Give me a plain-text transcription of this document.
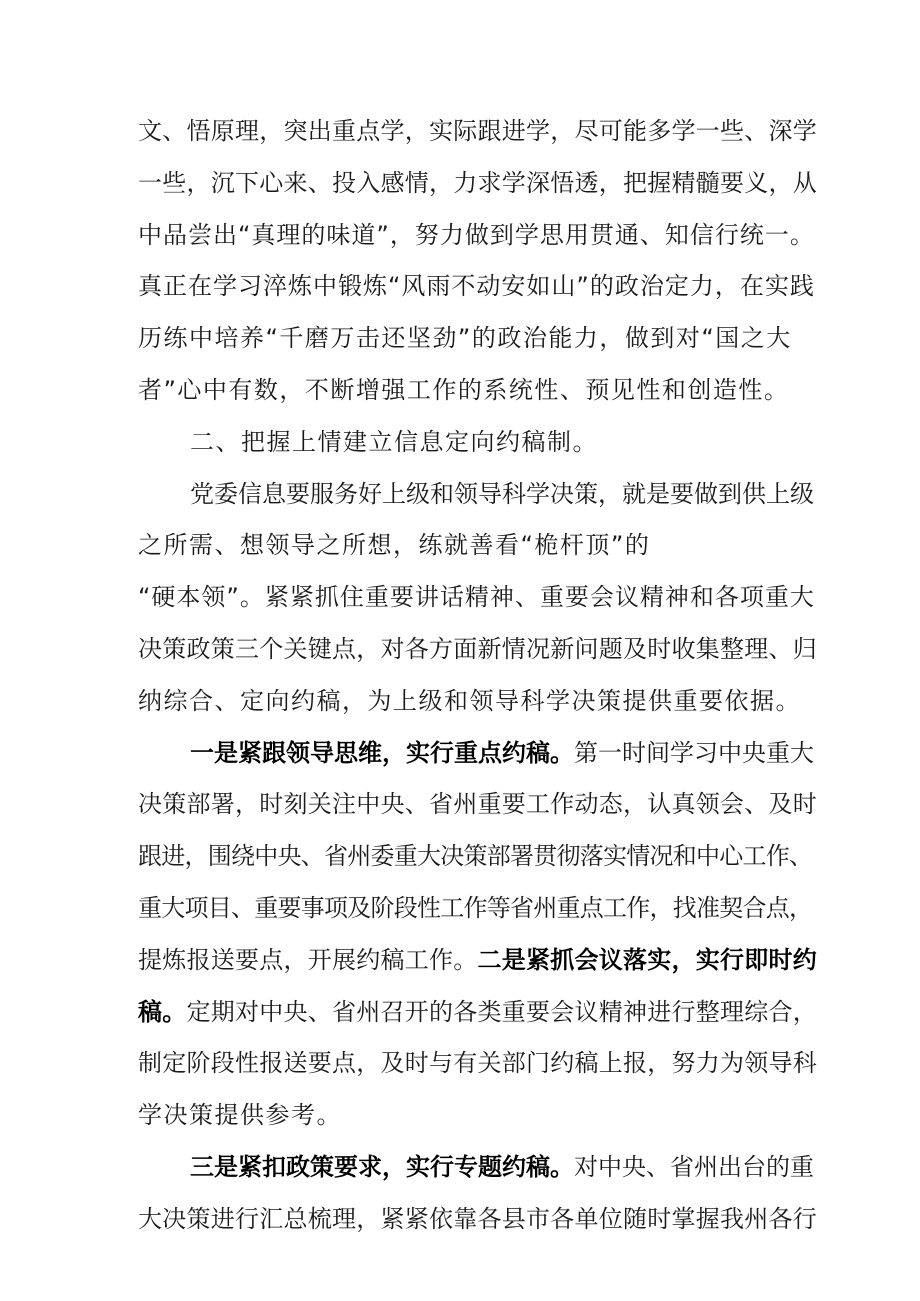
文、悟原理，突出重点学，实际跟进学，尽可能多学一些、深学
一些，沉下心来、投入感情，力求学深悟透，把握精髓要义，从
中品尝出“真理的味道”，努力做到学思用贯通、知信行统一。
真正在学习淬炼中锻炼“风雨不动安如山”的政治定力，在实践
历练中培养“千磨万击还坚劲”的政治能力，做到对“国之大
者”心中有数，不断增强工作的系统性、预见性和创造性。
二、把握上情建立信息定向约稿制。
党委信息要服务好上级和领导科学决策，就是要做到供上级
之所需、想领导之所想，练就善看“桅杆顶”的
“硬本领”。紧紧抓住重要讲话精神、重要会议精神和各项重大
决策政策三个关键点，对各方面新情况新问题及时收集整理、归
纳综合、定向约稿，为上级和领导科学决策提供重要依据。
一是紧跟领导思维，实行重点约稿。第一时间学习中央重大
决策部署，时刻关注中央、省州重要工作动态，认真领会、及时
跟进，围绕中央、省州委重大决策部署贯彻落实情况和中心工作、
重大项目、重要事项及阶段性工作等省州重点工作，找准契合点，
提炼报送要点，开展约稿工作。二是紧抓会议落实，实行即时约
稿。定期对中央、省州召开的各类重要会议精神进行整理综合，
制定阶段性报送要点，及时与有关部门约稿上报，努力为领导科
学决策提供参考。
三是紧扣政策要求，实行专题约稿。对中央、省州出台的重
大决策进行汇总梳理，紧紧依靠各县市各单位随时掌握我州各行
